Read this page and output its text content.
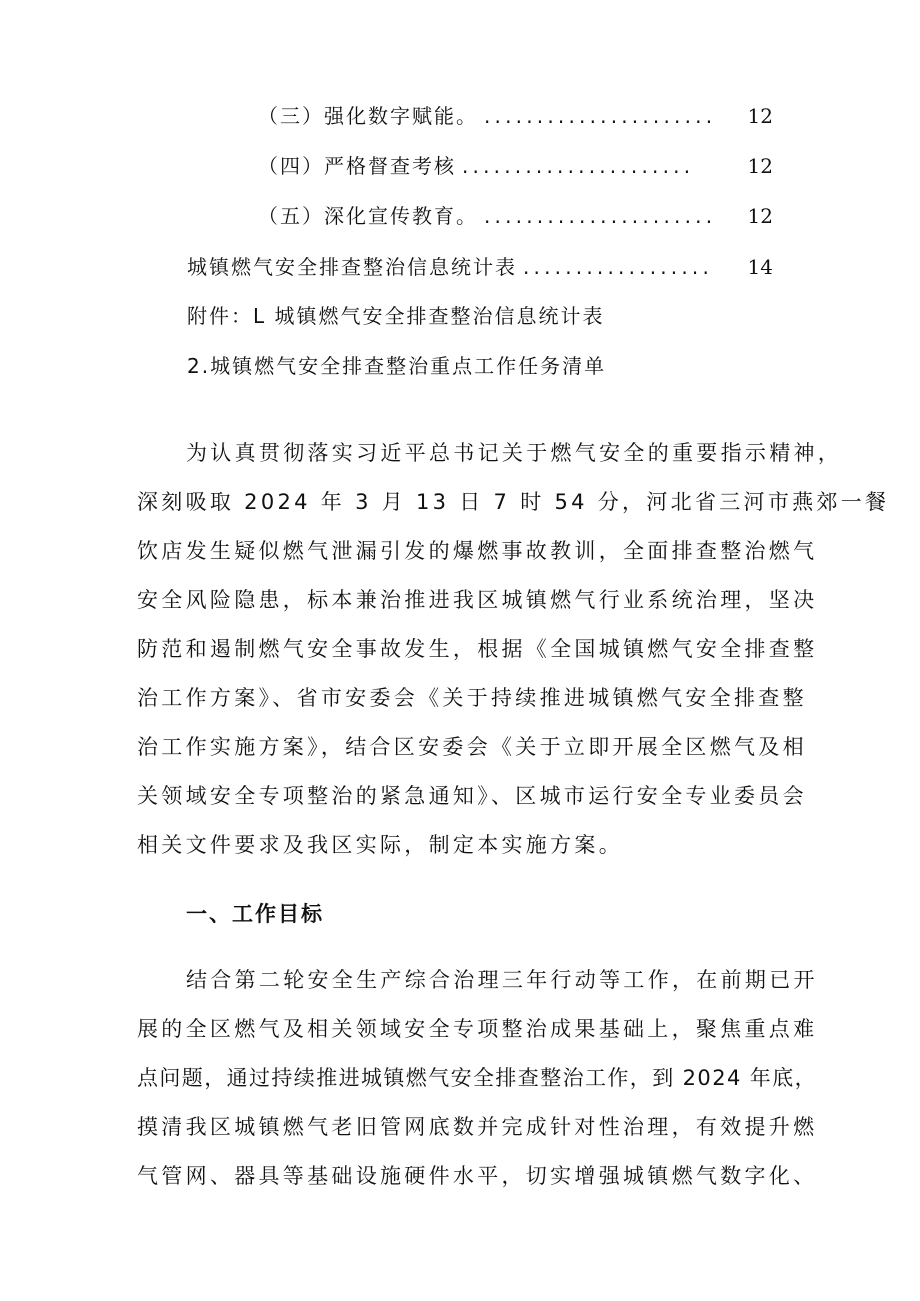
（三）强化数字赋能。 ......................	12
（四）严格督查考核 ......................	12
（五）深化宣传教育。 ......................	12
城镇燃气安全排查整治信息统计表 ..................	14
附件：L 城镇燃气安全排查整治信息统计表
2.城镇燃气安全排查整治重点工作任务清单
为认真贯彻落实习近平总书记关于燃气安全的重要指示精神，
深刻吸取 2024 年 3 月 13 日 7 时 54 分，河北省三河市燕郊一餐
饮店发生疑似燃气泄漏引发的爆燃事故教训，全面排查整治燃气
安全风险隐患，标本兼治推进我区城镇燃气行业系统治理，坚决
防范和遏制燃气安全事故发生，根据《全国城镇燃气安全排查整
治工作方案》、省市安委会《关于持续推进城镇燃气安全排查整
治工作实施方案》，结合区安委会《关于立即开展全区燃气及相
关领域安全专项整治的紧急通知》、区城市运行安全专业委员会
相关文件要求及我区实际，制定本实施方案。
一、工作目标
结合第二轮安全生产综合治理三年行动等工作，在前期已开
展的全区燃气及相关领域安全专项整治成果基础上，聚焦重点难
点问题，通过持续推进城镇燃气安全排查整治工作，到 2024 年底，
摸清我区城镇燃气老旧管网底数并完成针对性治理，有效提升燃
气管网、器具等基础设施硬件水平，切实增强城镇燃气数字化、
